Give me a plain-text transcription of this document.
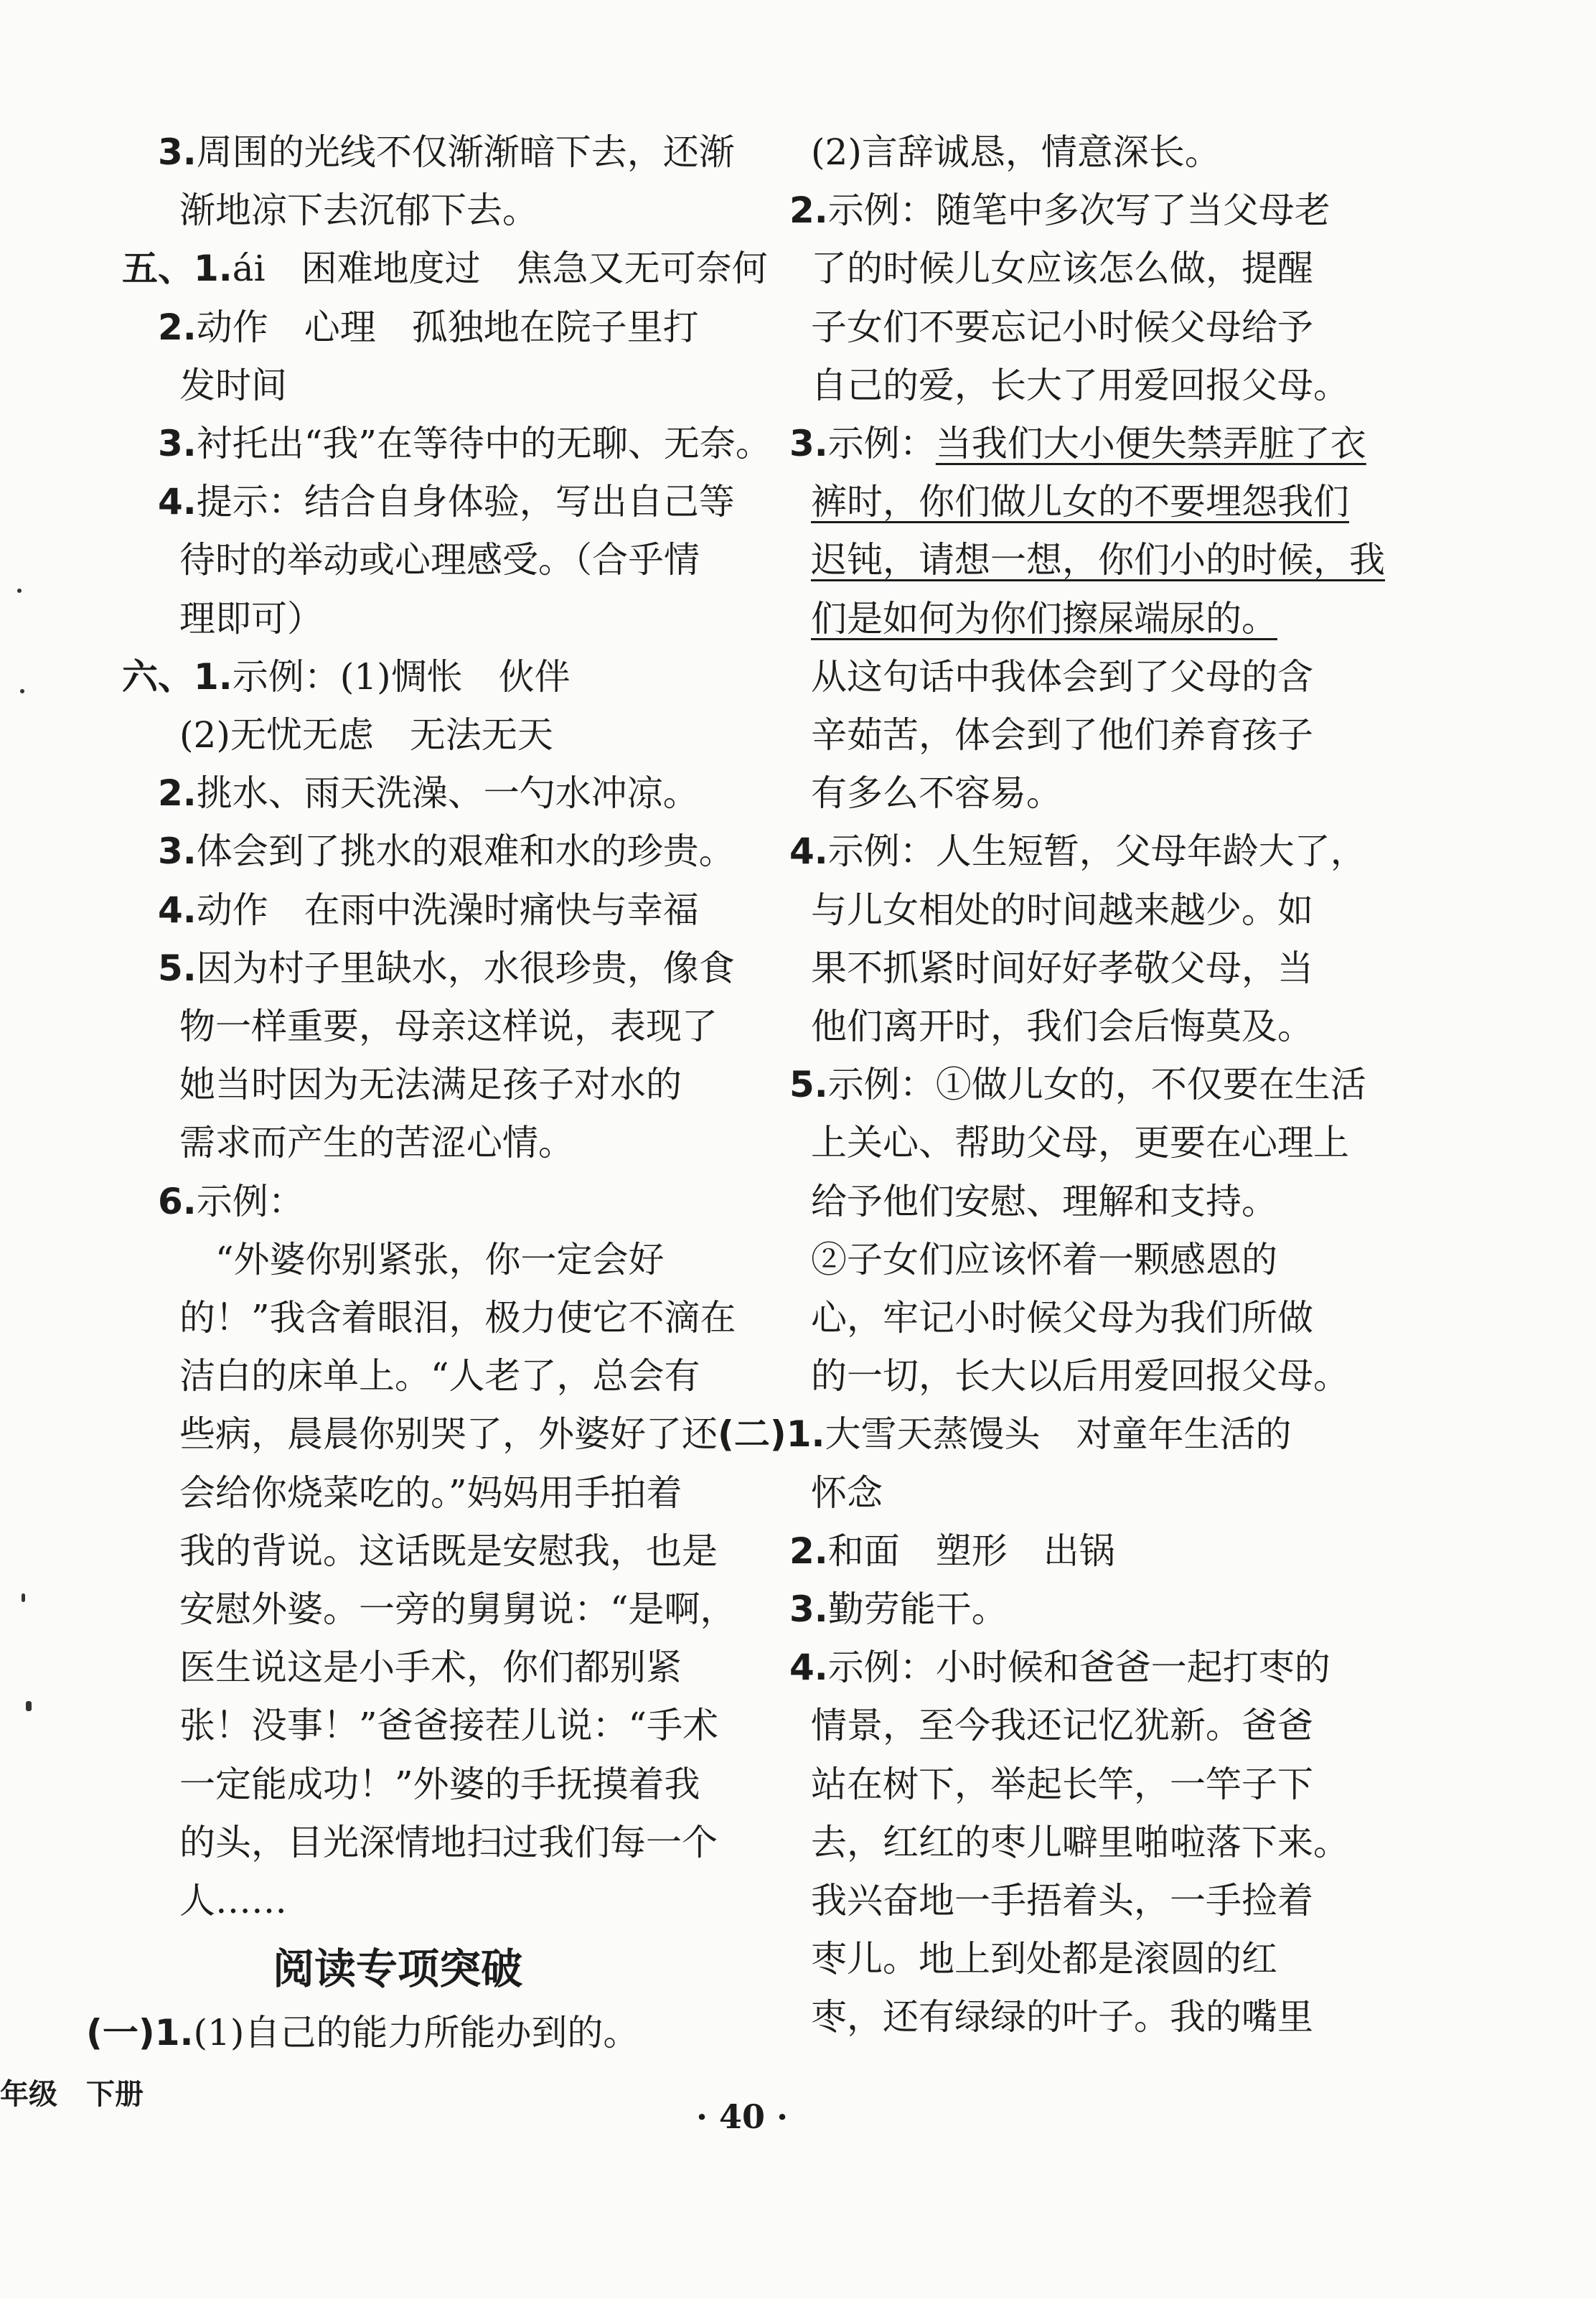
3.周围的光线不仅渐渐暗下去，还渐
渐地凉下去沉郁下去。
五、1.ái　困难地度过　焦急又无可奈何
2.动作　心理　孤独地在院子里打
发时间
3.衬托出“我”在等待中的无聊、无奈。
4.提示：结合自身体验，写出自己等
待时的举动或心理感受。（合乎情
理即可）
六、1.示例：(1)惆怅　伙伴
(2)无忧无虑　无法无天
2.挑水、雨天洗澡、一勺水冲凉。
3.体会到了挑水的艰难和水的珍贵。
4.动作　在雨中洗澡时痛快与幸福
5.因为村子里缺水，水很珍贵，像食
物一样重要，母亲这样说，表现了
她当时因为无法满足孩子对水的
需求而产生的苦涩心情。
6.示例：
　“外婆你别紧张，你一定会好
的！”我含着眼泪，极力使它不滴在
洁白的床单上。“人老了，总会有
些病，晨晨你别哭了，外婆好了还
会给你烧菜吃的。”妈妈用手拍着
我的背说。这话既是安慰我，也是
安慰外婆。一旁的舅舅说：“是啊，
医生说这是小手术，你们都别紧
张！没事！”爸爸接茬儿说：“手术
一定能成功！”外婆的手抚摸着我
的头，目光深情地扫过我们每一个
人……
(一)1.(1)自己的能力所能办到的。
(2)言辞诚恳，情意深长。
2.示例：随笔中多次写了当父母老
了的时候儿女应该怎么做，提醒
子女们不要忘记小时候父母给予
自己的爱，长大了用爱回报父母。
3.示例：当我们大小便失禁弄脏了衣
裤时，你们做儿女的不要埋怨我们
迟钝，请想一想，你们小的时候，我
们是如何为你们擦屎端尿的。
从这句话中我体会到了父母的含
辛茹苦，体会到了他们养育孩子
有多么不容易。
4.示例：人生短暂，父母年龄大了，
与儿女相处的时间越来越少。如
果不抓紧时间好好孝敬父母，当
他们离开时，我们会后悔莫及。
5.示例：①做儿女的，不仅要在生活
上关心、帮助父母，更要在心理上
给予他们安慰、理解和支持。
②子女们应该怀着一颗感恩的
心，牢记小时候父母为我们所做
的一切，长大以后用爱回报父母。
(二)1.大雪天蒸馒头　对童年生活的
怀念
2.和面　塑形　出锅
3.勤劳能干。
4.示例：小时候和爸爸一起打枣的
情景，至今我还记忆犹新。爸爸
站在树下，举起长竿，一竿子下
去，红红的枣儿噼里啪啦落下来。
我兴奋地一手捂着头，一手捡着
枣儿。地上到处都是滚圆的红
枣，还有绿绿的叶子。我的嘴里
阅读专项突破
年级　下册
· 40 ·
